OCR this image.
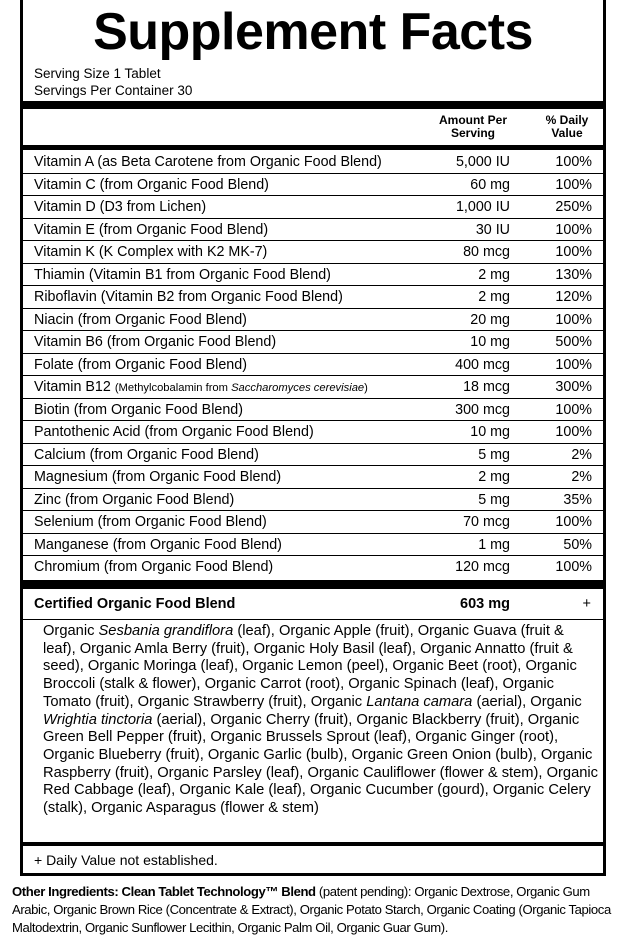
Supplement Facts
Serving Size 1 Tablet
Servings Per Container 30
Amount Per
Serving
% Daily
Value
Vitamin A (as Beta Carotene from Organic Food Blend)	5,000 IU	100%
Vitamin C (from Organic Food Blend)	60 mg	100%
Vitamin D (D3 from Lichen)	1,000 IU	250%
Vitamin E (from Organic Food Blend)	30 IU	100%
Vitamin K (K Complex with K2 MK-7)	80 mcg	100%
Thiamin (Vitamin B1 from Organic Food Blend)	2 mg	130%
Riboflavin (Vitamin B2 from Organic Food Blend)	2 mg	120%
Niacin (from Organic Food Blend)	20 mg	100%
Vitamin B6 (from Organic Food Blend)	10 mg	500%
Folate (from Organic Food Blend)	400 mcg	100%
Vitamin B12 (Methylcobalamin from Saccharomyces cerevisiae)	18 mcg	300%
Biotin (from Organic Food Blend)	300 mcg	100%
Pantothenic Acid (from Organic Food Blend)	10 mg	100%
Calcium (from Organic Food Blend)	5 mg	2%
Magnesium (from Organic Food Blend)	2 mg	2%
Zinc (from Organic Food Blend)	5 mg	35%
Selenium (from Organic Food Blend)	70 mcg	100%
Manganese (from Organic Food Blend)	1 mg	50%
Chromium (from Organic Food Blend)	120 mcg	100%
Certified Organic Food Blend	603 mg	+
Organic Sesbania grandiflora (leaf), Organic Apple (fruit), Organic Guava (fruit & leaf), Organic Amla Berry (fruit), Organic Holy Basil (leaf), Organic Annatto (fruit & seed), Organic Moringa (leaf), Organic Lemon (peel), Organic Beet (root), Organic Broccoli (stalk & flower), Organic Carrot (root), Organic Spinach (leaf), Organic Tomato (fruit), Organic Strawberry (fruit), Organic Lantana camara (aerial), Organic Wrightia tinctoria (aerial), Organic Cherry (fruit), Organic Blackberry (fruit), Organic Green Bell Pepper (fruit), Organic Brussels Sprout (leaf), Organic Ginger (root), Organic Blueberry (fruit), Organic Garlic (bulb), Organic Green Onion (bulb), Organic Raspberry (fruit), Organic Parsley (leaf), Organic Cauliflower (flower & stem), Organic Red Cabbage (leaf), Organic Kale (leaf), Organic Cucumber (gourd), Organic Celery (stalk), Organic Asparagus (flower & stem)
+ Daily Value not established.
Other Ingredients: Clean Tablet Technology™ Blend (patent pending): Organic Dextrose, Organic Gum Arabic, Organic Brown Rice (Concentrate & Extract), Organic Potato Starch, Organic Coating (Organic Tapioca Maltodextrin, Organic Sunflower Lecithin, Organic Palm Oil, Organic Guar Gum).
